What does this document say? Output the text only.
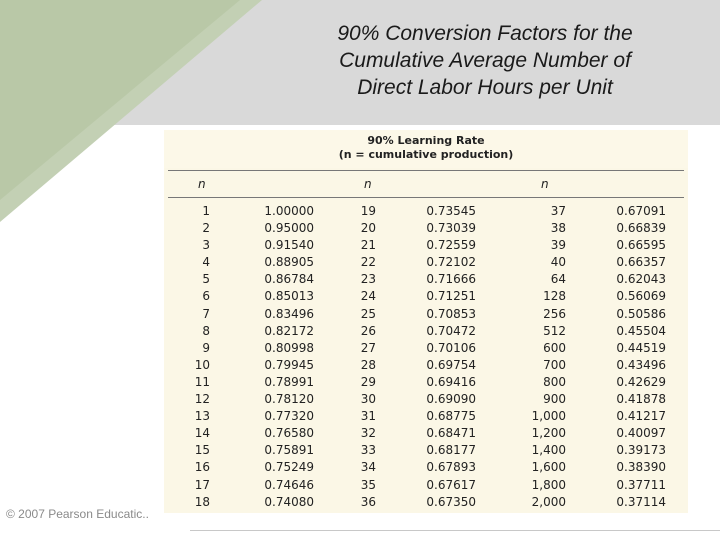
90% Conversion Factors for the
Cumulative Average Number of
Direct Labor Hours per Unit
90% Learning Rate
(n = cumulative production)
n	n	n
1	1.00000	19	0.73545	37	0.67091
2	0.95000	20	0.73039	38	0.66839
3	0.91540	21	0.72559	39	0.66595
4	0.88905	22	0.72102	40	0.66357
5	0.86784	23	0.71666	64	0.62043
6	0.85013	24	0.71251	128	0.56069
7	0.83496	25	0.70853	256	0.50586
8	0.82172	26	0.70472	512	0.45504
9	0.80998	27	0.70106	600	0.44519
10	0.79945	28	0.69754	700	0.43496
11	0.78991	29	0.69416	800	0.42629
12	0.78120	30	0.69090	900	0.41878
13	0.77320	31	0.68775	1,000	0.41217
14	0.76580	32	0.68471	1,200	0.40097
15	0.75891	33	0.68177	1,400	0.39173
16	0.75249	34	0.67893	1,600	0.38390
17	0.74646	35	0.67617	1,800	0.37711
18	0.74080	36	0.67350	2,000	0.37114
© 2007 Pearson Educatic..
